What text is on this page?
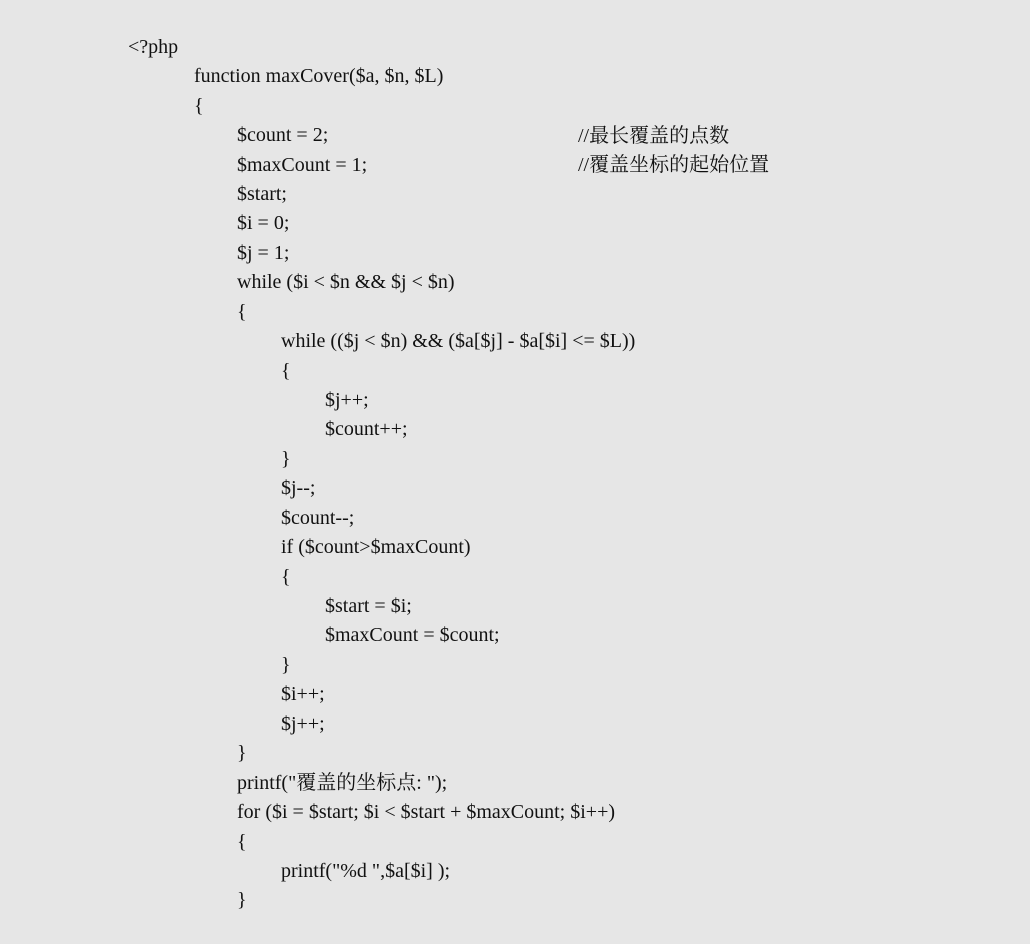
<?php

function maxCover($a, $n, $L)

{

$count = 2;

$maxCount = 1;

//最长覆盖的点数

$start;

//覆盖坐标的起始位置

$i = 0;

$j = 1;

while ($i < $n && $j < $n)

{

while (($j < $n) && ($a[$j] - $a[$i] <= $L))

{

$j++;

$count++;

}

$j--;

$count--;

if ($count>$maxCount)

{

$start = $i;

$maxCount = $count;

}

$i++;

$j++;

}

printf("覆盖的坐标点: ");

for ($i = $start; $i < $start + $maxCount; $i++)

{

printf("%d ",$a[$i] );

}
